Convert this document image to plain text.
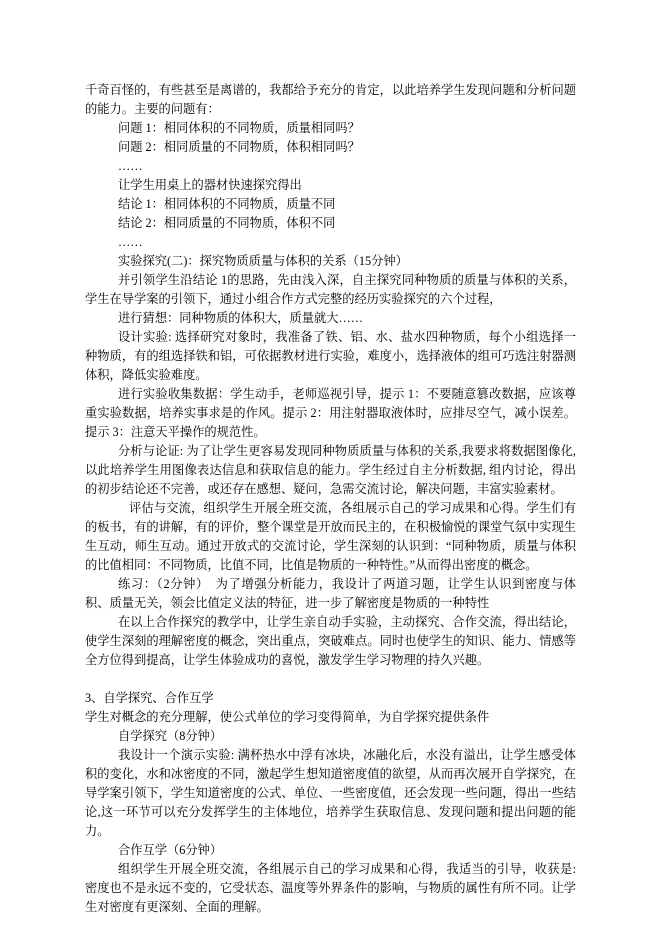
千奇百怪的，有些甚至是离谱的，我都给予充分的肯定，以此培养学生发现问题和分析问题的能力。主要的问题有：

问题 1：相同体积的不同物质，质量相同吗？

问题 2：相同质量的不同物质，体积相同吗？

……

让学生用桌上的器材快速探究得出

结论 1：相同体积的不同物质，质量不同

结论 2：相同质量的不同物质，体积不同

……

实验探究(二)：探究物质质量与体积的关系（15分钟）

并引领学生沿结论 1的思路，先由浅入深，自主探究同种物质的质量与体积的关系，学生在导学案的引领下，通过小组合作方式完整的经历实验探究的六个过程，

进行猜想：同种物质的体积大，质量就大……

设计实验: 选择研究对象时，我准备了铁、铝、水、盐水四种物质，每个小组选择一种物质，有的组选择铁和铝，可依据教材进行实验，难度小，选择液体的组可巧选注射器测体积，降低实验难度。

进行实验收集数据：学生动手，老师巡视引导，提示 1：不要随意篡改数据，应该尊重实验数据，培养实事求是的作风。提示 2：用注射器取液体时，应排尽空气，减小误差。提示 3：注意天平操作的规范性。

分析与论证: 为了让学生更容易发现同种物质质量与体积的关系,我要求将数据图像化,以此培养学生用图像表达信息和获取信息的能力。学生经过自主分析数据, 组内讨论，得出的初步结论还不完善，或还存在感想、疑问，急需交流讨论，解决问题，丰富实验素材。

评估与交流，组织学生开展全班交流，各组展示自己的学习成果和心得。学生们有的板书，有的讲解，有的评价，整个课堂是开放而民主的，在积极愉悦的课堂气氛中实现生生互动，师生互动。通过开放式的交流讨论，学生深刻的认识到：“同种物质，质量与体积的比值相同：不同物质，比值不同，比值是物质的一种特性。”从而得出密度的概念。

练习：（2分钟）　为了增强分析能力，我设计了两道习题，让学生认识到密度与体积、质量无关，领会比值定义法的特征，进一步了解密度是物质的一种特性

在以上合作探究的教学中，让学生亲自动手实验，主动探究、合作交流，得出结论，使学生深刻的理解密度的概念，突出重点，突破难点。同时也使学生的知识、能力、情感等全方位得到提高，让学生体验成功的喜悦，激发学生学习物理的持久兴趣。

3、自学探究、合作互学

学生对概念的充分理解，使公式单位的学习变得简单，为自学探究提供条件

自学探究（8分钟）

我设计一个演示实验: 满杯热水中浮有冰块，冰融化后，水没有溢出，让学生感受体积的变化，水和冰密度的不同，激起学生想知道密度值的欲望，从而再次展开自学探究，在导学案引领下，学生知道密度的公式、单位、一些密度值，还会发现一些问题，得出一些结论,这一环节可以充分发挥学生的主体地位，培养学生获取信息、发现问题和提出问题的能力。

合作互学（6分钟）

组织学生开展全班交流，各组展示自己的学习成果和心得，我适当的引导，收获是: 密度也不是永远不变的，它受状态、温度等外界条件的影响，与物质的属性有所不同。让学生对密度有更深刻、全面的理解。
